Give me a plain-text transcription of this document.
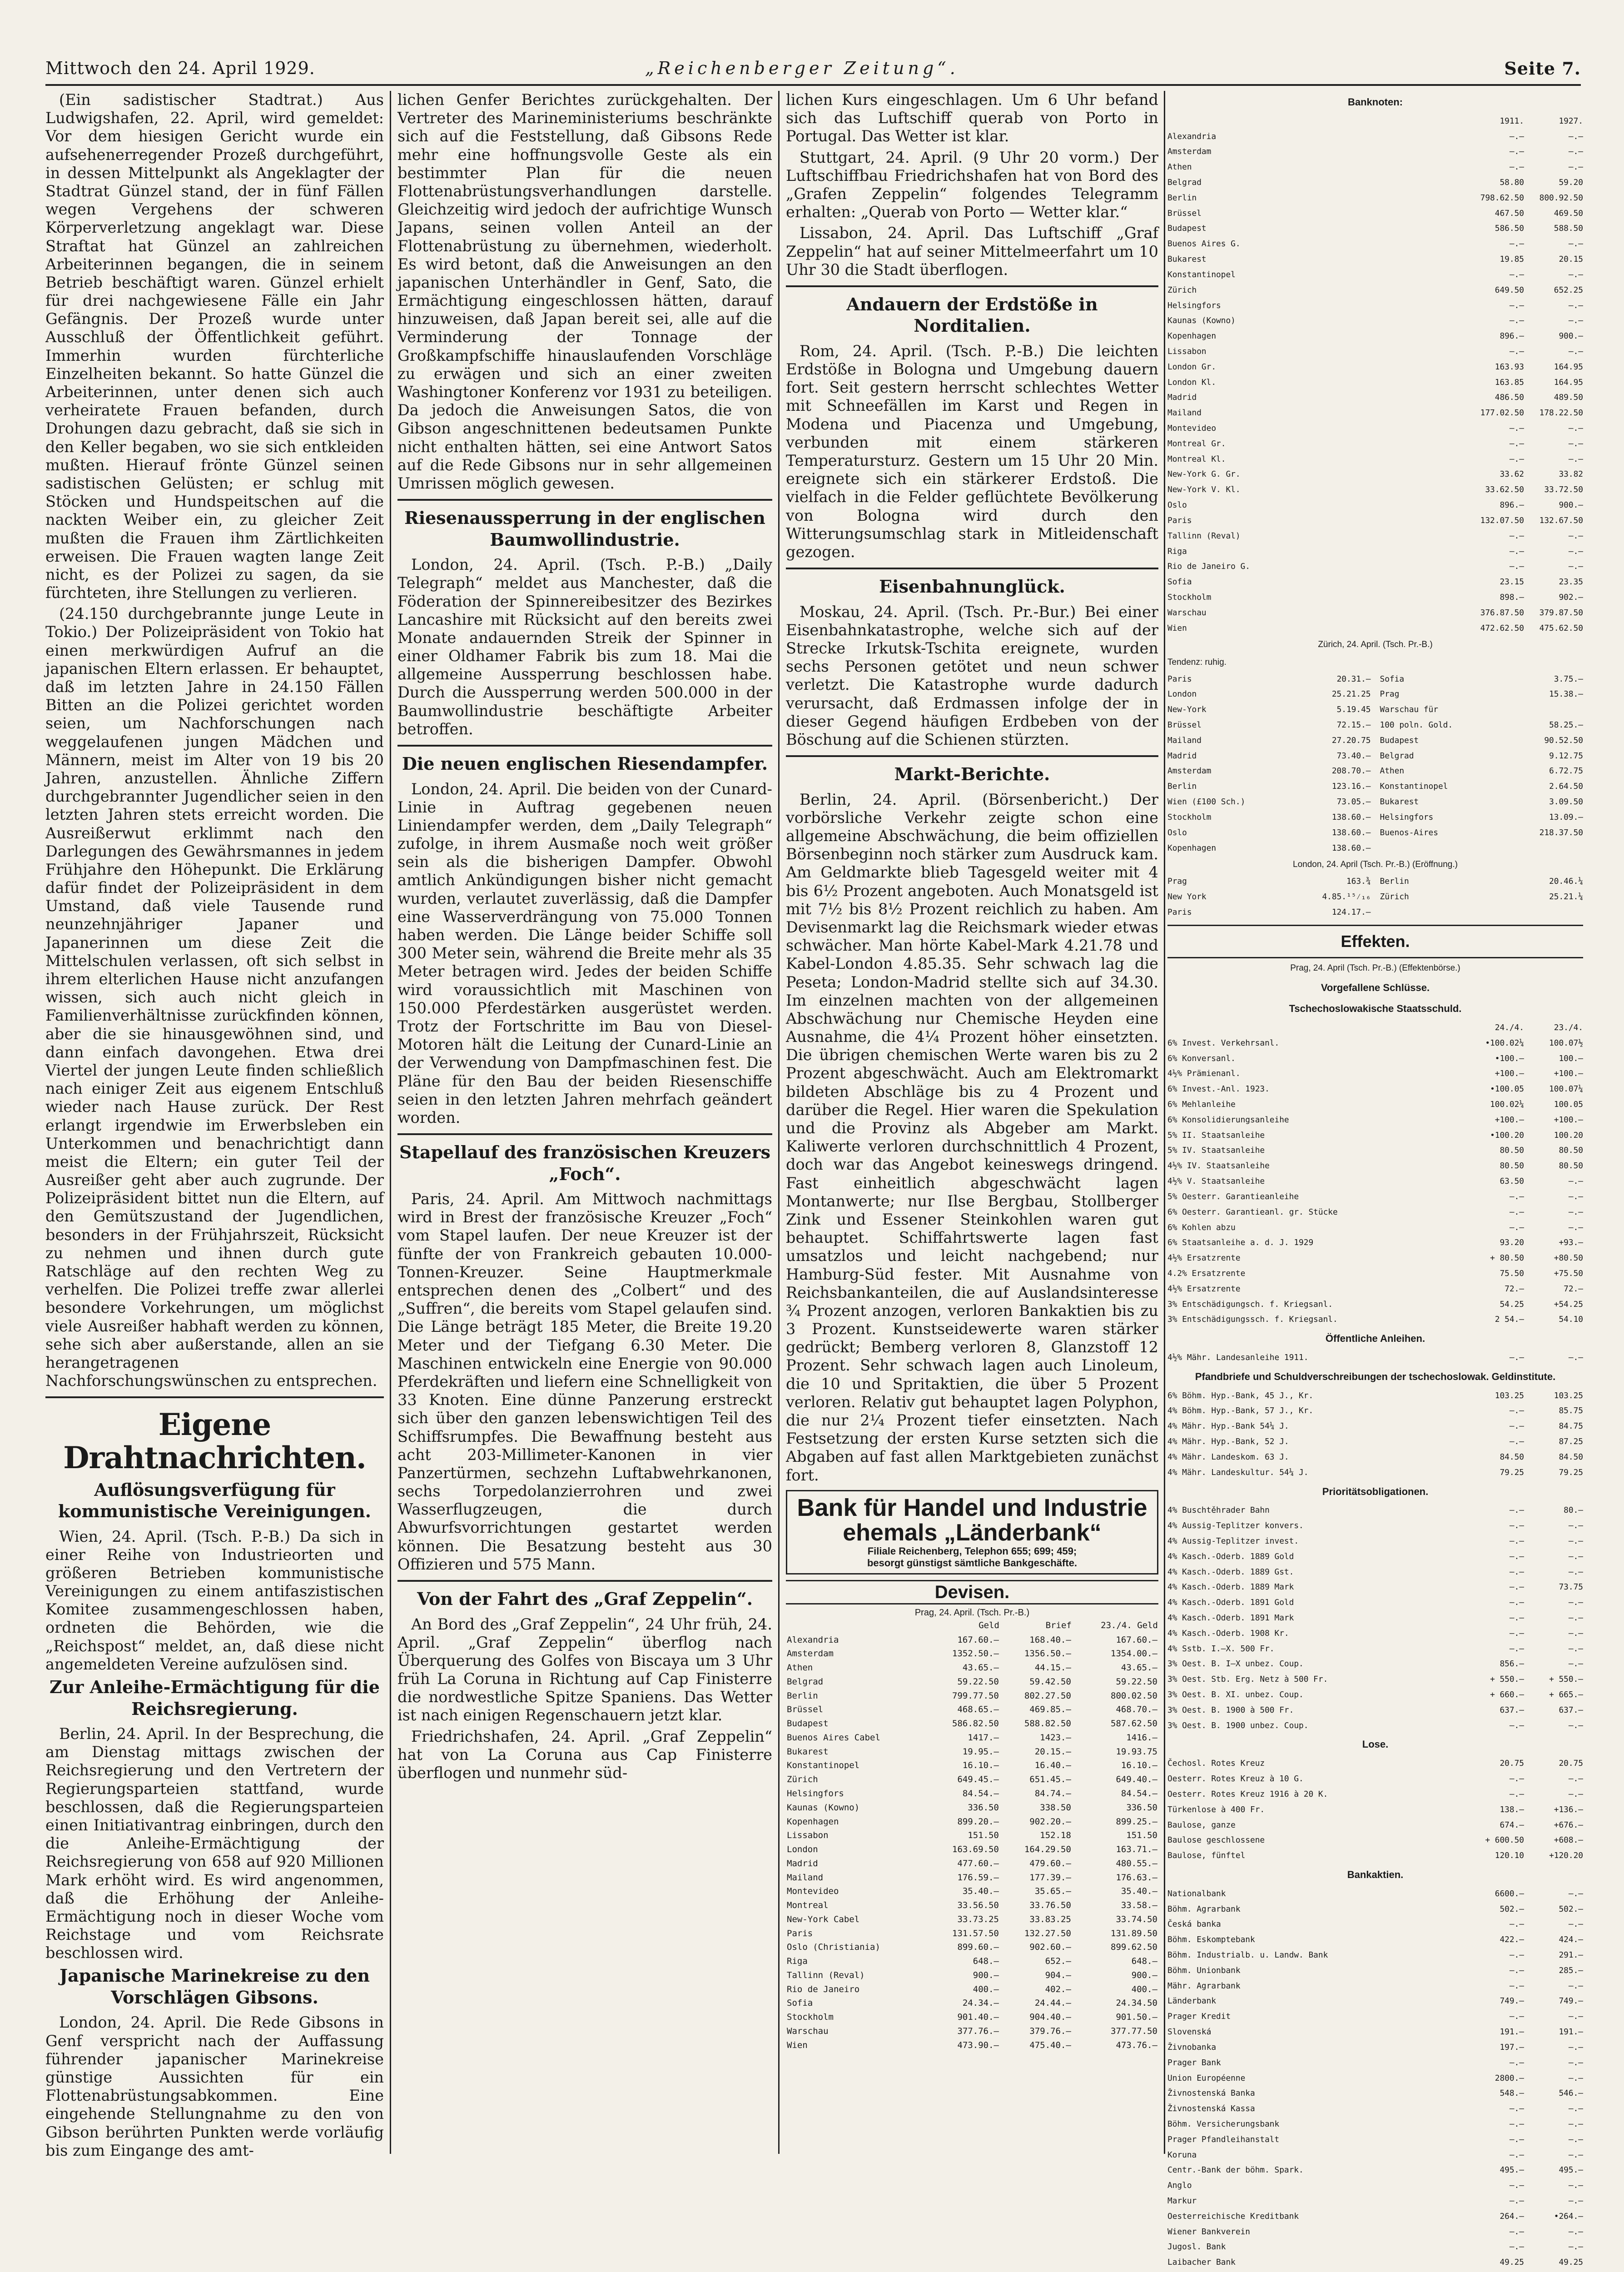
Mittwoch den 24. April 1929.	„Reichenberger Zeitung“.	Seite 7.

(Ein sadistischer Stadtrat.) Aus Ludwigshafen, 22. April, wird gemeldet: Vor dem hiesigen Gericht wurde ein aufsehenerregender Prozeß durchgeführt, in dessen Mittelpunkt als Angeklagter der Stadtrat Günzel stand, der in fünf Fällen wegen Vergehens der schweren Körperverletzung angeklagt war. Diese Straftat hat Günzel an zahlreichen Arbeiterinnen begangen, die in seinem Betrieb beschäftigt waren. Günzel erhielt für drei nachgewiesene Fälle ein Jahr Gefängnis. Der Prozeß wurde unter Ausschluß der Öffentlichkeit geführt. Immerhin wurden fürchterliche Einzelheiten bekannt. So hatte Günzel die Arbeiterinnen, unter denen sich auch verheiratete Frauen befanden, durch Drohungen dazu gebracht, daß sie sich in den Keller begaben, wo sie sich entkleiden mußten. Hierauf frönte Günzel seinen sadistischen Gelüsten; er schlug mit Stöcken und Hundspeitschen auf die nackten Weiber ein, zu gleicher Zeit mußten die Frauen ihm Zärtlichkeiten erweisen. Die Frauen wagten lange Zeit nicht, es der Polizei zu sagen, da sie fürchteten, ihre Stellungen zu verlieren.

(24.150 durchgebrannte junge Leute in Tokio.) Der Polizeipräsident von Tokio hat einen merkwürdigen Aufruf an die japanischen Eltern erlassen. Er behauptet, daß im letzten Jahre in 24.150 Fällen Bitten an die Polizei gerichtet worden seien, um Nachforschungen nach weggelaufenen jungen Mädchen und Männern, meist im Alter von 19 bis 20 Jahren, anzustellen. Ähnliche Ziffern durchgebrannter Jugendlicher seien in den letzten Jahren stets erreicht worden. Die Ausreißerwut erklimmt nach den Darlegungen des Gewährsmannes in jedem Frühjahre den Höhepunkt. Die Erklärung dafür findet der Polizeipräsident in dem Umstand, daß viele Tausende rund neunzehnjähriger Japaner und Japanerinnen um diese Zeit die Mittelschulen verlassen, oft sich selbst in ihrem elterlichen Hause nicht anzufangen wissen, sich auch nicht gleich in Familienverhältnisse zurückfinden können, aber die sie hinausgewöhnen sind, und dann einfach davongehen. Etwa drei Viertel der jungen Leute finden schließlich nach einiger Zeit aus eigenem Entschluß wieder nach Hause zurück. Der Rest erlangt irgendwie im Erwerbsleben ein Unterkommen und benachrichtigt dann meist die Eltern; ein guter Teil der Ausreißer geht aber auch zugrunde. Der Polizeipräsident bittet nun die Eltern, auf den Gemütszustand der Jugendlichen, besonders in der Frühjahrszeit, Rücksicht zu nehmen und ihnen durch gute Ratschläge auf den rechten Weg zu verhelfen. Die Polizei treffe zwar allerlei besondere Vorkehrungen, um möglichst viele Ausreißer habhaft werden zu können, sehe sich aber außerstande, allen an sie herangetragenen Nachforschungswünschen zu entsprechen.

Eigene Drahtnachrichten.
Auflösungsverfügung für kommunistische Vereinigungen.

Wien, 24. April. (Tsch. P.-B.) Da sich in einer Reihe von Industrieorten und größeren Betrieben kommunistische Vereinigungen zu einem antifaszistischen Komitee zusammengeschlossen haben, ordneten die Behörden, wie die „Reichspost“ meldet, an, daß diese nicht angemeldeten Vereine aufzulösen sind.

Zur Anleihe-Ermächtigung für die Reichsregierung.

Berlin, 24. April. In der Besprechung, die am Dienstag mittags zwischen der Reichsregierung und den Vertretern der Regierungsparteien stattfand, wurde beschlossen, daß die Regierungsparteien einen Initiativantrag einbringen, durch den die Anleihe-Ermächtigung der Reichsregierung von 658 auf 920 Millionen Mark erhöht wird. Es wird angenommen, daß die Erhöhung der Anleihe-Ermächtigung noch in dieser Woche vom Reichstage und vom Reichsrate beschlossen wird.

Japanische Marinekreise zu den Vorschlägen Gibsons.

London, 24. April. Die Rede Gibsons in Genf verspricht nach der Auffassung führender japanischer Marinekreise günstige Aussichten für ein Flottenabrüstungsabkommen. Eine eingehende Stellungnahme zu den von Gibson berührten Punkten werde vorläufig bis zum Eingange des amt-

lichen Genfer Berichtes zurückgehalten. Der Vertreter des Marineministeriums beschränkte sich auf die Feststellung, daß Gibsons Rede mehr eine hoffnungsvolle Geste als ein bestimmter Plan für die neuen Flottenabrüstungsverhandlungen darstelle. Gleichzeitig wird jedoch der aufrichtige Wunsch Japans, seinen vollen Anteil an der Flottenabrüstung zu übernehmen, wiederholt. Es wird betont, daß die Anweisungen an den japanischen Unterhändler in Genf, Sato, die Ermächtigung eingeschlossen hätten, darauf hinzuweisen, daß Japan bereit sei, alle auf die Verminderung der Tonnage der Großkampfschiffe hinauslaufenden Vorschläge zu erwägen und sich an einer zweiten Washingtoner Konferenz vor 1931 zu beteiligen. Da jedoch die Anweisungen Satos, die von Gibson angeschnittenen bedeutsamen Punkte nicht enthalten hätten, sei eine Antwort Satos auf die Rede Gibsons nur in sehr allgemeinen Umrissen möglich gewesen.

Riesenaussperrung in der englischen Baumwollindustrie.

London, 24. April. (Tsch. P.-B.) „Daily Telegraph“ meldet aus Manchester, daß die Föderation der Spinnereibesitzer des Bezirkes Lancashire mit Rücksicht auf den bereits zwei Monate andauernden Streik der Spinner in einer Oldhamer Fabrik bis zum 18. Mai die allgemeine Aussperrung beschlossen habe. Durch die Aussperrung werden 500.000 in der Baumwollindustrie beschäftigte Arbeiter betroffen.

Die neuen englischen Riesendampfer.

London, 24. April. Die beiden von der Cunard-Linie in Auftrag gegebenen neuen Liniendampfer werden, dem „Daily Telegraph“ zufolge, in ihrem Ausmaße noch weit größer sein als die bisherigen Dampfer. Obwohl amtlich Ankündigungen bisher nicht gemacht wurden, verlautet zuverlässig, daß die Dampfer eine Wasserverdrängung von 75.000 Tonnen haben werden. Die Länge beider Schiffe soll 300 Meter sein, während die Breite mehr als 35 Meter betragen wird. Jedes der beiden Schiffe wird voraussichtlich mit Maschinen von 150.000 Pferdestärken ausgerüstet werden. Trotz der Fortschritte im Bau von Diesel-Motoren hält die Leitung der Cunard-Linie an der Verwendung von Dampfmaschinen fest. Die Pläne für den Bau der beiden Riesenschiffe seien in den letzten Jahren mehrfach geändert worden.

Stapellauf des französischen Kreuzers „Foch“.

Paris, 24. April. Am Mittwoch nachmittags wird in Brest der französische Kreuzer „Foch“ vom Stapel laufen. Der neue Kreuzer ist der fünfte der von Frankreich gebauten 10.000-Tonnen-Kreuzer. Seine Hauptmerkmale entsprechen denen des „Colbert“ und des „Suffren“, die bereits vom Stapel gelaufen sind. Die Länge beträgt 185 Meter, die Breite 19.20 Meter und der Tiefgang 6.30 Meter. Die Maschinen entwickeln eine Energie von 90.000 Pferdekräften und liefern eine Schnelligkeit von 33 Knoten. Eine dünne Panzerung erstreckt sich über den ganzen lebenswichtigen Teil des Schiffsrumpfes. Die Bewaffnung besteht aus acht 203-Millimeter-Kanonen in vier Panzertürmen, sechzehn Luftabwehrkanonen, sechs Torpedolanzierrohren und zwei Wasserflugzeugen, die durch Abwurfsvorrichtungen gestartet werden können. Die Besatzung besteht aus 30 Offizieren und 575 Mann.

Von der Fahrt des „Graf Zeppelin“.

An Bord des „Graf Zeppelin“, 24 Uhr früh, 24. April. „Graf Zeppelin“ überflog nach Überquerung des Golfes von Biscaya um 3 Uhr früh La Coruna in Richtung auf Cap Finisterre die nordwestliche Spitze Spaniens. Das Wetter ist nach einigen Regenschauern jetzt klar.

Friedrichshafen, 24. April. „Graf Zeppelin“ hat von La Coruna aus Cap Finisterre überflogen und nunmehr süd-

lichen Kurs eingeschlagen. Um 6 Uhr befand sich das Luftschiff querab von Porto in Portugal. Das Wetter ist klar.

Stuttgart, 24. April. (9 Uhr 20 vorm.) Der Luftschiffbau Friedrichshafen hat von Bord des „Grafen Zeppelin“ folgendes Telegramm erhalten: „Querab von Porto — Wetter klar.“

Lissabon, 24. April. Das Luftschiff „Graf Zeppelin“ hat auf seiner Mittelmeerfahrt um 10 Uhr 30 die Stadt überflogen.

Andauern der Erdstöße in Norditalien.

Rom, 24. April. (Tsch. P.-B.) Die leichten Erdstöße in Bologna und Umgebung dauern fort. Seit gestern herrscht schlechtes Wetter mit Schneefällen im Karst und Regen in Modena und Piacenza und Umgebung, verbunden mit einem stärkeren Temperatursturz. Gestern um 15 Uhr 20 Min. ereignete sich ein stärkerer Erdstoß. Die vielfach in die Felder geflüchtete Bevölkerung von Bologna wird durch den Witterungsumschlag stark in Mitleidenschaft gezogen.

Eisenbahnunglück.

Moskau, 24. April. (Tsch. Pr.-Bur.) Bei einer Eisenbahnkatastrophe, welche sich auf der Strecke Irkutsk-Tschita ereignete, wurden sechs Personen getötet und neun schwer verletzt. Die Katastrophe wurde dadurch verursacht, daß Erdmassen infolge der in dieser Gegend häufigen Erdbeben von der Böschung auf die Schienen stürzten.

Markt-Berichte.

Berlin, 24. April. (Börsenbericht.) Der vorbörsliche Verkehr zeigte schon eine allgemeine Abschwächung, die beim offiziellen Börsenbeginn noch stärker zum Ausdruck kam. Am Geldmarkte blieb Tagesgeld weiter mit 4 bis 6½ Prozent angeboten. Auch Monatsgeld ist mit 7½ bis 8½ Prozent reichlich zu haben. Am Devisenmarkt lag die Reichsmark wieder etwas schwächer. Man hörte Kabel-Mark 4.21.78 und Kabel-London 4.85.35. Sehr schwach lag die Peseta; London-Madrid stellte sich auf 34.30. Im einzelnen machten von der allgemeinen Abschwächung nur Chemische Heyden eine Ausnahme, die 4¼ Prozent höher einsetzten. Die übrigen chemischen Werte waren bis zu 2 Prozent abgeschwächt. Auch am Elektromarkt bildeten Abschläge bis zu 4 Prozent und darüber die Regel. Hier waren die Spekulation und die Provinz als Abgeber am Markt. Kaliwerte verloren durchschnittlich 4 Prozent, doch war das Angebot keineswegs dringend. Fast einheitlich abgeschwächt lagen Montanwerte; nur Ilse Bergbau, Stollberger Zink und Essener Steinkohlen waren gut behauptet. Schiffahrtswerte lagen fast umsatzlos und leicht nachgebend; nur Hamburg-Süd fester. Mit Ausnahme von Reichsbankanteilen, die auf Auslandsinteresse ¾ Prozent anzogen, verloren Bankaktien bis zu 3 Prozent. Kunstseidewerte waren stärker gedrückt; Bemberg verloren 8, Glanzstoff 12 Prozent. Sehr schwach lagen auch Linoleum, die 10 und Spritaktien, die über 5 Prozent verloren. Relativ gut behauptet lagen Polyphon, die nur 2¼ Prozent tiefer einsetzten. Nach Festsetzung der ersten Kurse setzten sich die Abgaben auf fast allen Marktgebieten zunächst fort.

Bank für Handel und Industrie
ehemals „Länderbank“
Filiale Reichenberg, Telephon 655; 699; 459;
besorgt günstigst sämtliche Bankgeschäfte.
Devisen.
Prag, 24. April. (Tsch. Pr.-B.)
	Geld	Brief	23./4. Geld
Alexandria	167.60.—	168.40.—	167.60.—
Amsterdam	1352.50.—	1356.50.—	1354.00.—
Athen	43.65.—	44.15.—	43.65.—
Belgrad	59.22.50	59.42.50	59.22.50
Berlin	799.77.50	802.27.50	800.02.50
Brüssel	468.65.—	469.85.—	468.70.—
Budapest	586.82.50	588.82.50	587.62.50
Buenos Aires Cabel	1417.—	1423.—	1416.—
Bukarest	19.95.—	20.15.—	19.93.75
Konstantinopel	16.10.—	16.40.—	16.10.—
Zürich	649.45.—	651.45.—	649.40.—
Helsingfors	84.54.—	84.74.—	84.54.—
Kaunas (Kowno)	336.50	338.50	336.50
Kopenhagen	899.20.—	902.20.—	899.25.—
Lissabon	151.50	152.18	151.50
London	163.69.50	164.29.50	163.71.—
Madrid	477.60.—	479.60.—	480.55.—
Mailand	176.59.—	177.39.—	176.63.—
Montevideo	35.40.—	35.65.—	35.40.—
Montreal	33.56.50	33.76.50	33.58.—
New-York Cabel	33.73.25	33.83.25	33.74.50
Paris	131.57.50	132.27.50	131.89.50
Oslo (Christiania)	899.60.—	902.60.—	899.62.50
Riga	648.—	652.—	648.—
Tallinn (Reval)	900.—	904.—	900.—
Rio de Janeiro	400.—	402.—	400.—
Sofia	24.34.—	24.44.—	24.34.50
Stockholm	901.40.—	904.40.—	901.50.—
Warschau	377.76.—	379.76.—	377.77.50
Wien	473.90.—	475.40.—	473.76.—
Banknoten:
1911.	1927.
Alexandria	—.—	—.—
Amsterdam	—.—	—.—
Athen	—.—	—.—
Belgrad	58.80	59.20
Berlin	798.62.50	800.92.50
Brüssel	467.50	469.50
Budapest	586.50	588.50
Buenos Aires G.	—.—	—.—
Bukarest	19.85	20.15
Konstantinopel	—.—	—.—
Zürich	649.50	652.25
Helsingfors	—.—	—.—
Kaunas (Kowno)	—.—	—.—
Kopenhagen	896.—	900.—
Lissabon	—.—	—.—
London Gr.	163.93	164.95
London Kl.	163.85	164.95
Madrid	486.50	489.50
Mailand	177.02.50	178.22.50
Montevideo	—.—	—.—
Montreal Gr.	—.—	—.—
Montreal Kl.	—.—	—.—
New-York G. Gr.	33.62	33.82
New-York V. Kl.	33.62.50	33.72.50
Oslo	896.—	900.—
Paris	132.07.50	132.67.50
Tallinn (Reval)	—.—	—.—
Riga	—.—	—.—
Rio de Janeiro G.	—.—	—.—
Sofia	23.15	23.35
Stockholm	898.—	902.—
Warschau	376.87.50	379.87.50
Wien	472.62.50	475.62.50
Zürich, 24. April. (Tsch. Pr.-B.)
Tendenz: ruhig.
Paris	20.31.—	Sofia	3.75.—
London	25.21.25	Prag	15.38.—
New-York	5.19.45	Warschau für
Brüssel	72.15.—	100 poln. Gold.	58.25.—
Mailand	27.20.75	Budapest	90.52.50
Madrid	73.40.—	Belgrad	9.12.75
Amsterdam	208.70.—	Athen	6.72.75
Berlin	123.16.—	Konstantinopel	2.64.50
Wien (£100 Sch.)	73.05.—	Bukarest	3.09.50
Stockholm	138.60.—	Helsingfors	13.09.—
Oslo	138.60.—	Buenos-Aires	218.37.50
Kopenhagen	138.60.—
London, 24. April (Tsch. Pr.-B.) (Eröffnung.)
Prag	163.¾	Berlin	20.46.¼
New York	4.85.¹⁵⁄₁₆	Zürich	25.21.¼
Paris	124.17.—
Effekten.
Prag, 24. April (Tsch. Pr.-B.) (Effektenbörse.)
Vorgefallene Schlüsse.
Tschechoslowakische Staatsschuld.
24./4.	23./4.
6% Invest. Verkehrsanl.	•100.02¼	100.07½
6% Konversanl.	•100.—	100.—
4½% Prämienanl.	+100.—	+100.—
6% Invest.-Anl. 1923.	•100.05	100.07¼
6% Mehlanleihe	100.02¼	100.05
6% Konsolidierungsanleihe	+100.—	+100.—
5% II. Staatsanleihe	•100.20	100.20
5% IV. Staatsanleihe	80.50	80.50
4½% IV. Staatsanleihe	80.50	80.50
4½% V. Staatsanleihe	63.50	—.—
5% Oesterr. Garantieanleihe	—.—	—.—
6% Oesterr. Garantieanl. gr. Stücke	—.—	—.—
6% Kohlen abzu	—.—	—.—
6% Staatsanleihe a. d. J. 1929	93.20	+93.—
4½% Ersatzrente	+ 80.50	+80.50
4.2% Ersatzrente	75.50	+75.50
4½% Ersatzrente	72.—	72.—
3% Entschädigungsch. f. Kriegsanl.	54.25	+54.25
3% Entschädigungssch. f. Kriegsanl.	2 54.—	54.10
Öffentliche Anleihen.
4½% Mähr. Landesanleihe 1911.	—.—	—.—
Pfandbriefe und Schuldverschreibungen der tschechoslowak. Geldinstitute.
6% Böhm. Hyp.-Bank, 45 J., Kr.	103.25	103.25
4% Böhm. Hyp.-Bank, 57 J., Kr.	—.—	85.75
4% Mähr. Hyp.-Bank 54¼ J.	—.—	84.75
4% Mähr. Hyp.-Bank, 52 J.	—.—	87.25
4% Mähr. Landeskom. 63 J.	84.50	84.50
4% Mähr. Landeskultur. 54¼ J.	79.25	79.25
Prioritätsobligationen.
4% Buschtěhrader Bahn	—.—	80.—
4% Aussig-Teplitzer konvers.	—.—	—.—
4% Aussig-Teplitzer invest.	—.—	—.—
4% Kasch.-Oderb. 1889 Gold	—.—	—.—
4% Kasch.-Oderb. 1889 Gst.	—.—	—.—
4% Kasch.-Oderb. 1889 Mark	—.—	73.75
4% Kasch.-Oderb. 1891 Gold	—.—	—.—
4% Kasch.-Oderb. 1891 Mark	—.—	—.—
4% Kasch.-Oderb. 1908 Kr.	—.—	—.—
4% Sstb. I.—X. 500 Fr.	—.—	—.—
3% Oest. B. I—X unbez. Coup.	856.—	—.—
3% Oest. Stb. Erg. Netz à 500 Fr.	+ 550.—	+ 550.—
3% Oest. B. XI. unbez. Coup.	+ 660.—	+ 665.—
3% Oest. B. 1900 à 500 Fr.	637.—	637.—
3% Oest. B. 1900 unbez. Coup.	—.—	—.—
Lose.
Čechosl. Rotes Kreuz	20.75	20.75
Oesterr. Rotes Kreuz à 10 G.	—.—	—.—
Oesterr. Rotes Kreuz 1916 à 20 K.	—.—	—.—
Türkenlose à 400 Fr.	138.—	+136.—
Baulose, ganze	674.—	+676.—
Baulose geschlossene	+ 600.50	+608.—
Baulose, fünftel	120.10	+120.20
Bankaktien.
Nationalbank	6600.—	—.—
Böhm. Agrarbank	502.—	502.—
Česká banka	—.—	—.—
Böhm. Eskomptebank	422.—	424.—
Böhm. Industrialb. u. Landw. Bank	—.—	291.—
Böhm. Unionbank	—.—	285.—
Mähr. Agrarbank	—.—	—.—
Länderbank	749.—	749.—
Prager Kredit	—.—	—.—
Slovenská	191.—	191.—
Živnobanka	197.—	—.—
Prager Bank	—.—	—.—
Union Européenne	2800.—	—.—
Živnostenská Banka	548.—	546.—
Živnostenská Kassa	—.—	—.—
Böhm. Versicherungsbank	—.—	—.—
Prager Pfandleihanstalt	—.—	—.—
Koruna	—.—	—.—
Centr.-Bank der böhm. Spark.	495.—	495.—
Anglo	—.—	—.—
Markur	—.—	—.—
Oesterreichische Kreditbank	264.—	•264.—
Wiener Bankverein	—.—	—.—
Jugosl. Bank	—.—	—.—
Laibacher Bank	49.25	49.25
